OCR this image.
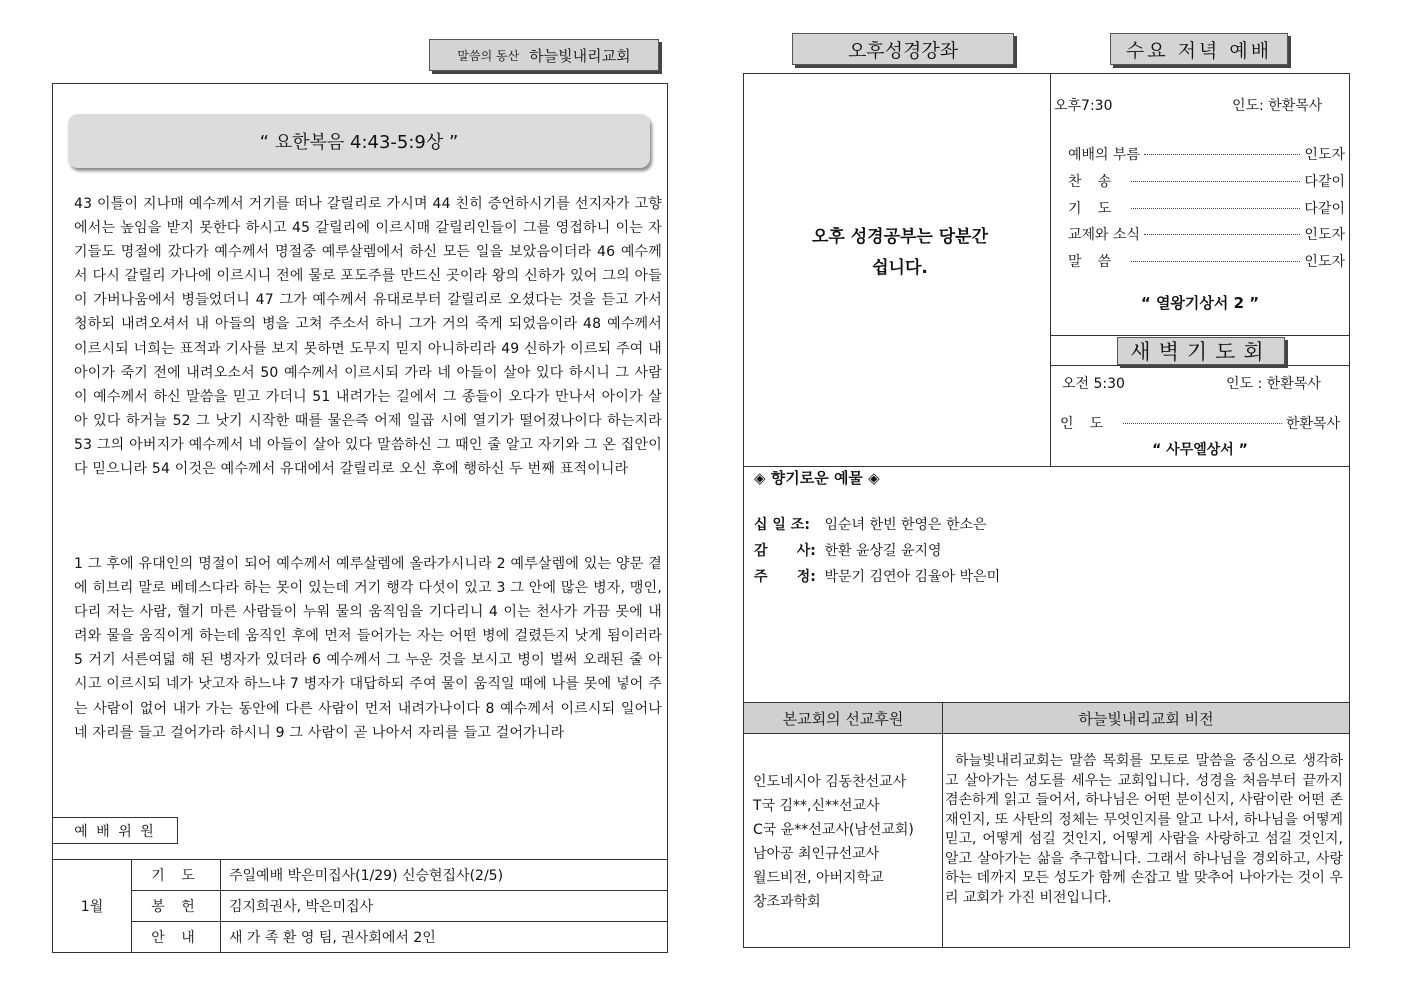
말씀의 동산 하늘빛내리교회
“ 요한복음 4:43-5:9상 ”
43 이틀이 지나매 예수께서 거기를 떠나 갈릴리로 가시며 44 친히 증언하시기를 선지자가 고향에서는 높임을 받지 못한다 하시고 45 갈릴리에 이르시매 갈릴리인들이 그를 영접하니 이는 자기들도 명절에 갔다가 예수께서 명절중 예루살렘에서 하신 모든 일을 보았음이더라 46 예수께서 다시 갈릴리 가나에 이르시니 전에 물로 포도주를 만드신 곳이라 왕의 신하가 있어 그의 아들이 가버나움에서 병들었더니 47 그가 예수께서 유대로부터 갈릴리로 오셨다는 것을 듣고 가서 청하되 내려오셔서 내 아들의 병을 고쳐 주소서 하니 그가 거의 죽게 되었음이라 48 예수께서 이르시되 너희는 표적과 기사를 보지 못하면 도무지 믿지 아니하리라 49 신하가 이르되 주여 내 아이가 죽기 전에 내려오소서 50 예수께서 이르시되 가라 네 아들이 살아 있다 하시니 그 사람이 예수께서 하신 말씀을 믿고 가더니 51 내려가는 길에서 그 종들이 오다가 만나서 아이가 살아 있다 하거늘 52 그 낫기 시작한 때를 물은즉 어제 일곱 시에 열기가 떨어졌나이다 하는지라 53 그의 아버지가 예수께서 네 아들이 살아 있다 말씀하신 그 때인 줄 알고 자기와 그 온 집안이 다 믿으니라 54 이것은 예수께서 유대에서 갈릴리로 오신 후에 행하신 두 번째 표적이니라
1 그 후에 유대인의 명절이 되어 예수께서 예루살렘에 올라가시니라 2 예루살렘에 있는 양문 곁에 히브리 말로 베데스다라 하는 못이 있는데 거기 행각 다섯이 있고 3 그 안에 많은 병자, 맹인, 다리 저는 사람, 혈기 마른 사람들이 누워 물의 움직임을 기다리니 4 이는 천사가 가끔 못에 내려와 물을 움직이게 하는데 움직인 후에 먼저 들어가는 자는 어떤 병에 걸렸든지 낫게 됨이러라 5 거기 서른여덟 해 된 병자가 있더라 6 예수께서 그 누운 것을 보시고 병이 벌써 오래된 줄 아시고 이르시되 네가 낫고자 하느냐 7 병자가 대답하되 주여 물이 움직일 때에 나를 못에 넣어 주는 사람이 없어 내가 가는 동안에 다른 사람이 먼저 내려가나이다 8 예수께서 이르시되 일어나 네 자리를 들고 걸어가라 하시니 9 그 사람이 곧 나아서 자리를 들고 걸어가니라
예 배 위 원
1월	기 도	주일예배 박은미집사(1/29) 신승현집사(2/5)
	봉 헌	김지희권사, 박은미집사
	안 내	새 가 족 환 영 팀, 권사회에서 2인
오후성경강좌	수요 저녁 예배
오후 성경공부는 당분간
쉽니다.
오후7:30	인도: 한환목사
예배의 부름	인도자
찬송	다같이
기도	다같이
교제와 소식	인도자
말씀	인도자
“ 열왕기상서 2 ”
새벽기도회
오전 5:30	인도 : 한환목사
인도	한환목사
“ 사무엘상서 ”
◈ 향기로운 예물 ◈
십 일 조: 임순녀 한빈 한영은 한소은
감      사: 한환 윤상길 윤지영
주      정: 박문기 김연아 김율아 박은미
본교회의 선교후원	하늘빛내리교회 비전
인도네시아 김동찬선교사
T국 김**,신**선교사
C국 윤**선교사(남선교회)
남아공 최인규선교사
월드비전, 아버지학교
창조과학회
하늘빛내리교회는 말씀 목회를 모토로 말씀을 중심으로 생각하고 살아가는 성도를 세우는 교회입니다. 성경을 처음부터 끝까지 겸손하게 읽고 들어서, 하나님은 어떤 분이신지, 사람이란 어떤 존재인지, 또 사탄의 정체는 무엇인지를 알고 나서, 하나님을 어떻게 믿고, 어떻게 섬길 것인지, 어떻게 사람을 사랑하고 섬길 것인지, 알고 살아가는 삶을 추구합니다. 그래서 하나님을 경외하고, 사랑하는 데까지 모든 성도가 함께 손잡고 발 맞추어 나아가는 것이 우리 교회가 가진 비전입니다.
